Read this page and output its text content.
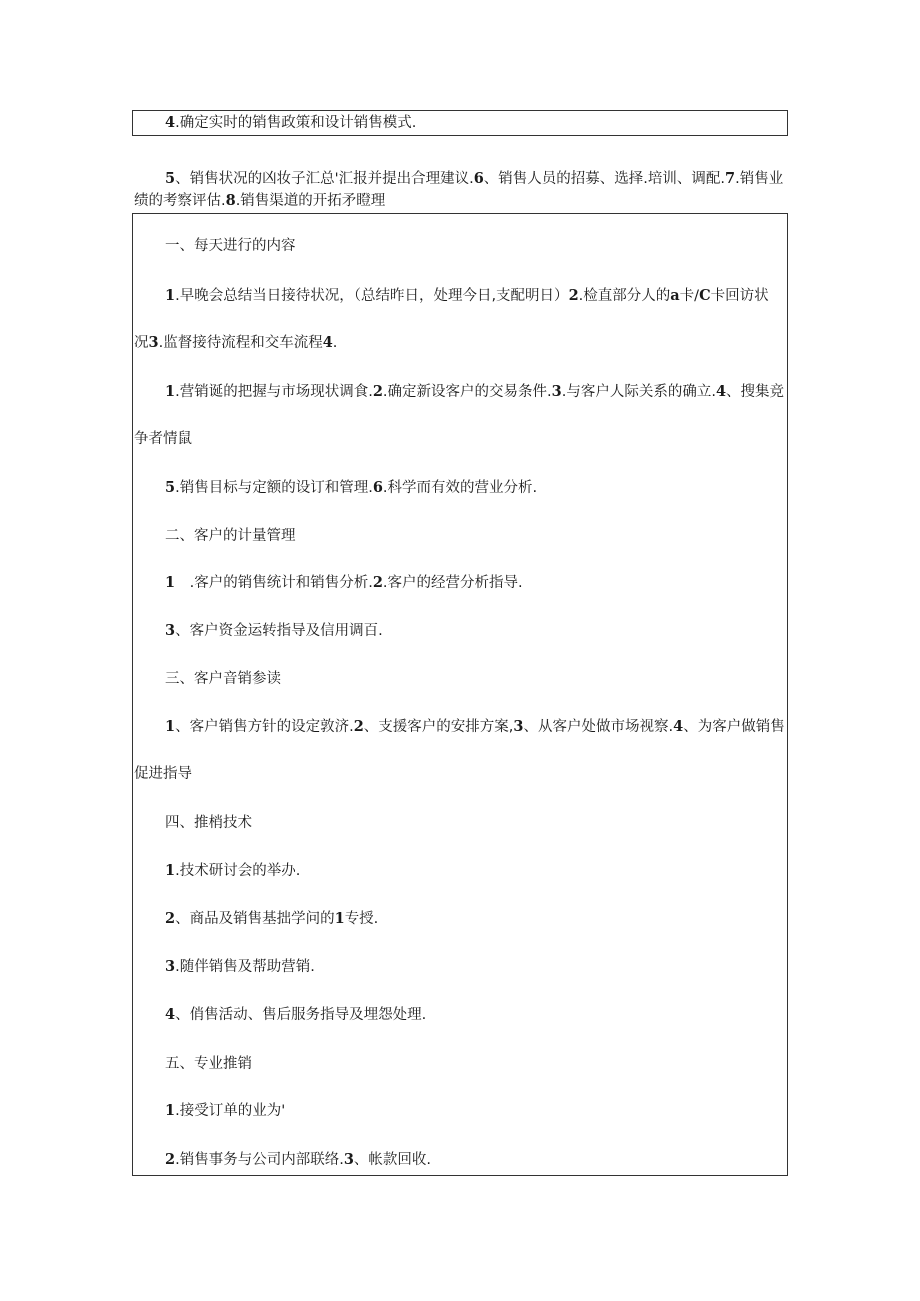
4.确定实时的销售政策和设计销售模式.
5、销售状况的凶妆子汇总'汇报并提出合理建议.6、销售人员的招募、选择.培训、调配.7.销售业
绩的考察评估.8.销售渠道的开拓矛瞪理
一、每天进行的内容
1.早晚会总结当日接待状况，（总结昨日，处理今日,支配明日）2.检直部分人的a卡/C卡回访状
况3.监督接待流程和交车流程4.
1.营销诞的把握与市场现状调食.2.确定新设客户的交易条件.3.与客户人际关系的确立.4、搜集竞
争者情鼠
5.销售目标与定额的设订和管理.6.科学而有效的营业分析.
二、客户的计量管理
1　.客户的销售统计和销售分析.2.客户的经营分析指导.
3、客户资金运转指导及信用调百.
三、客户音销参读
1、客户销售方针的设定敦济.2、支援客户的安排方案,3、从客户处做市场视察.4、为客户做销售
促进指导
四、推梢技术
1.技术研讨会的举办.
2、商品及销售基拙学问的1专授.
3.随伴销售及帮助营销.
4、俏售活动、售后服务指导及埋怨处理.
五、专业推销
1.接受订单的业为'
2.销售事务与公司内部联络.3、帐款回收.
